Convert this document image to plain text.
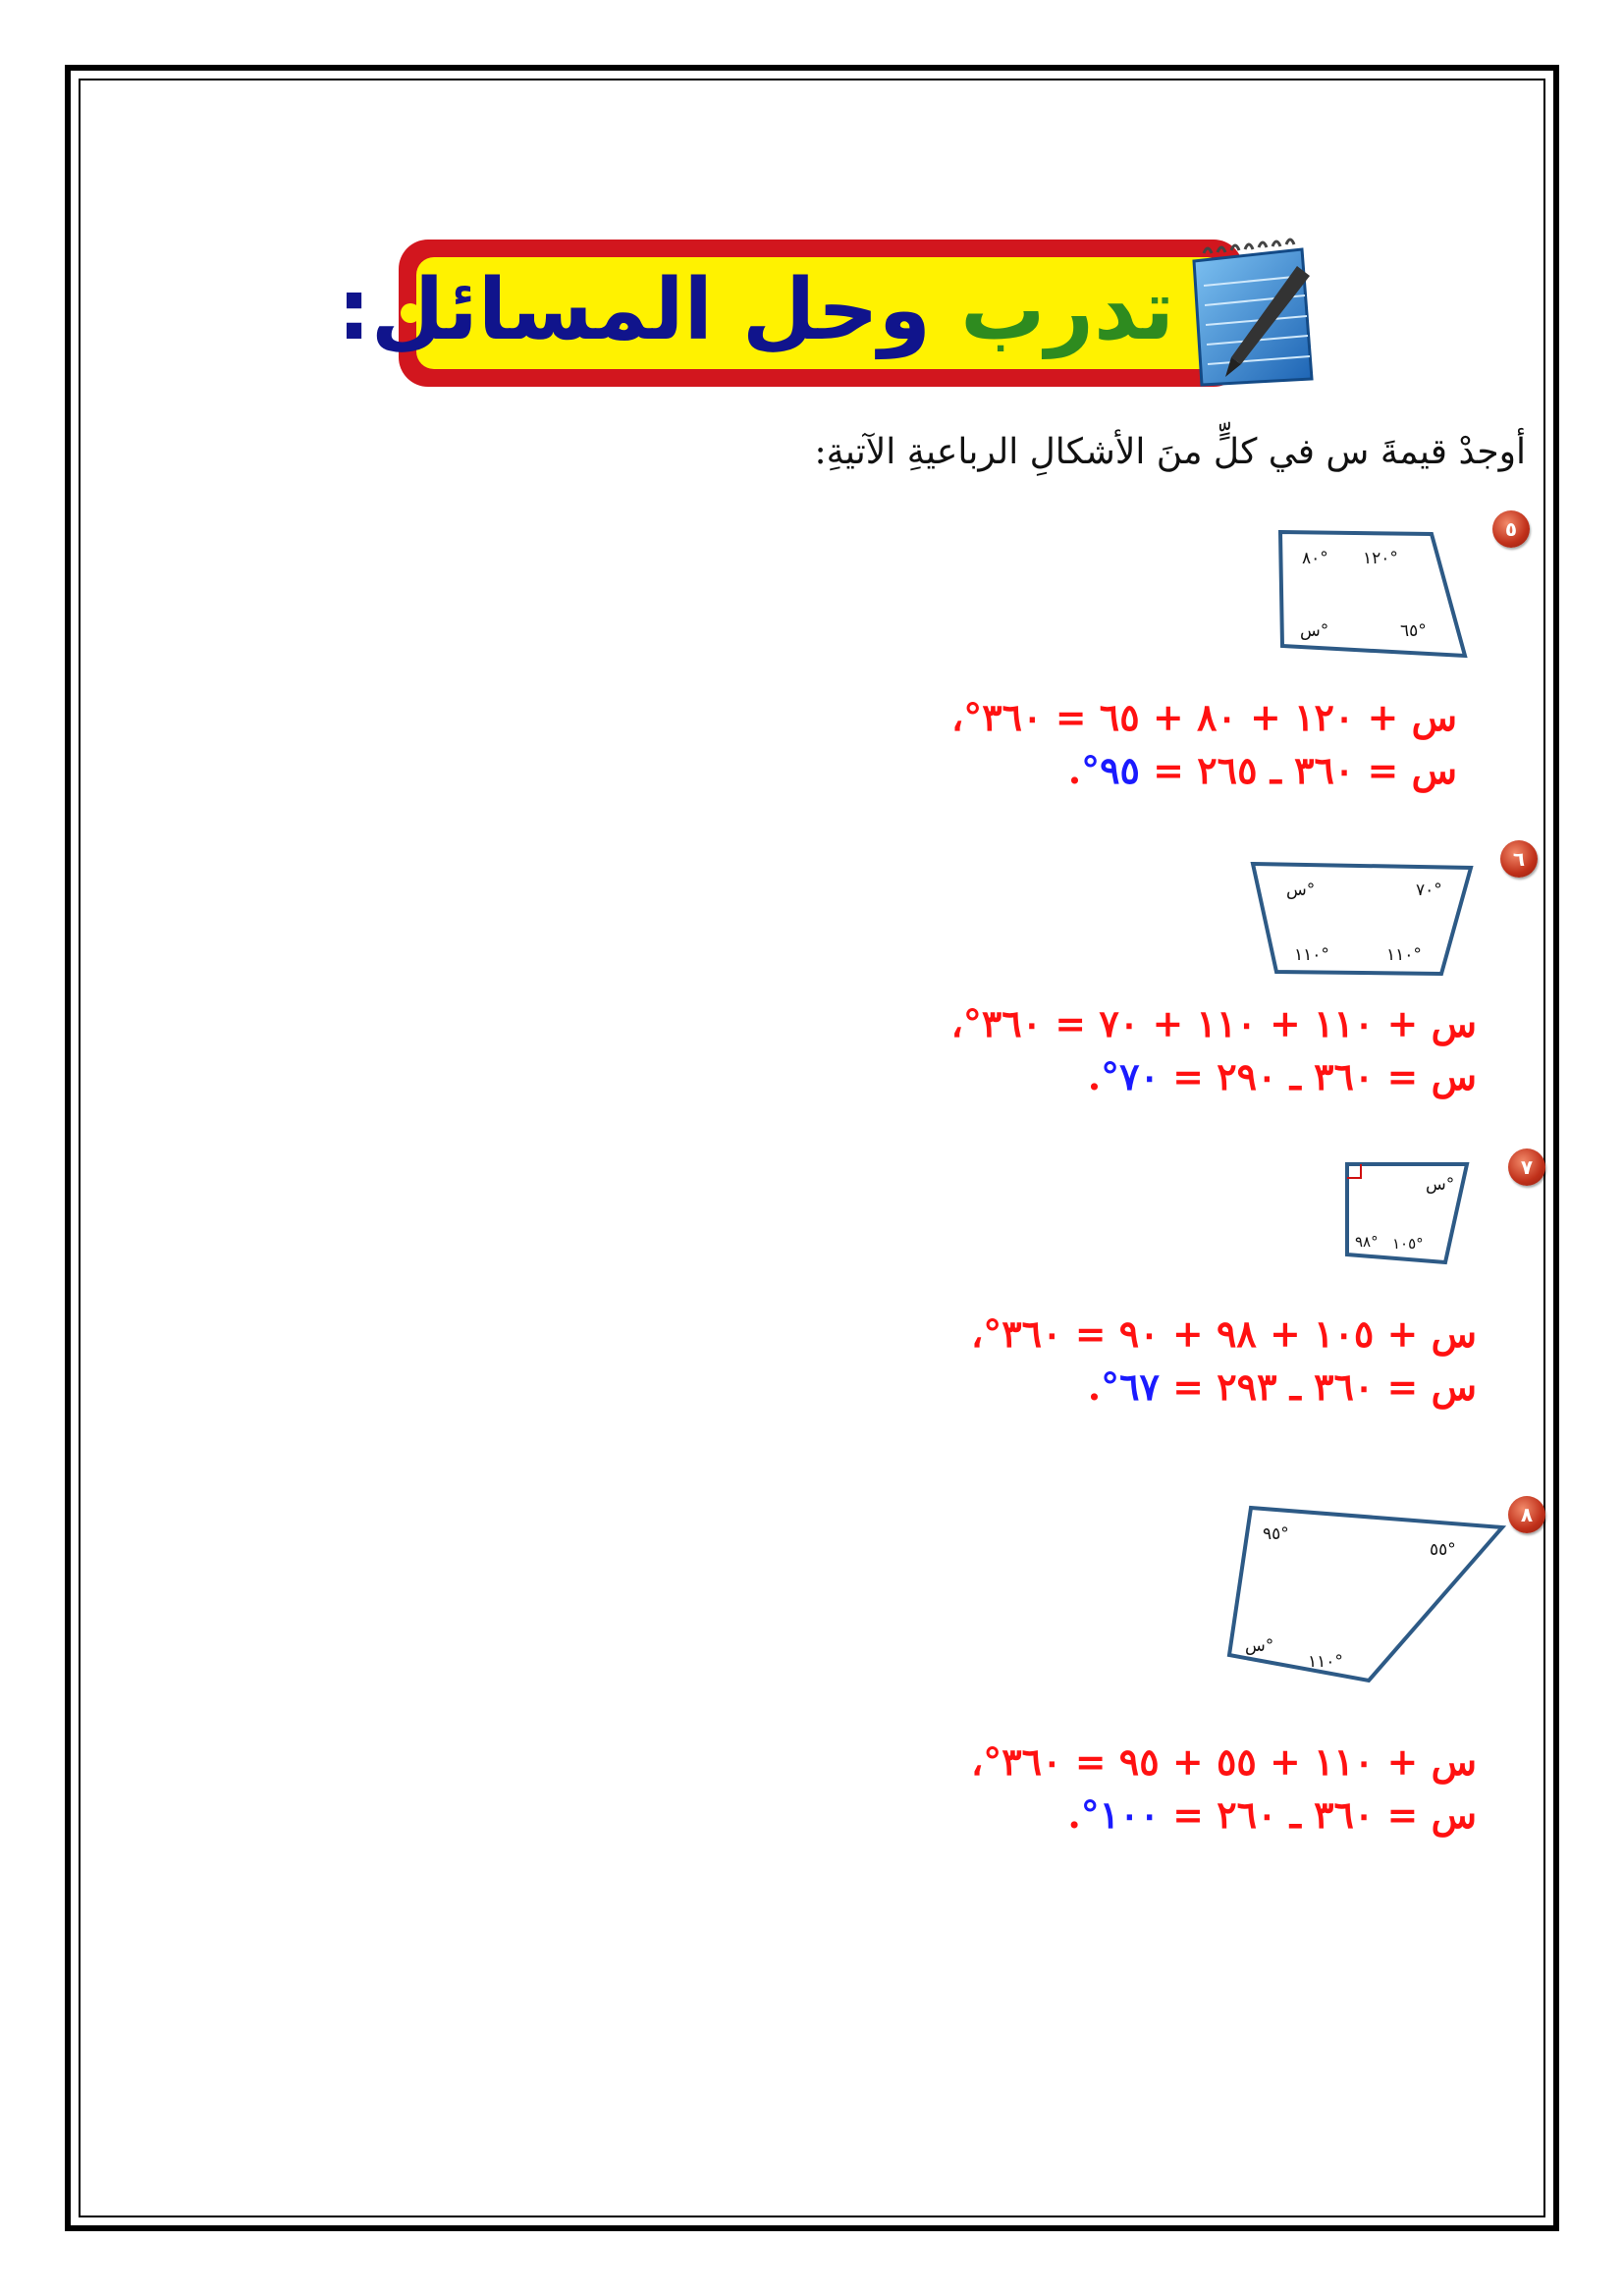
تدرب وحل المسائل:
أوجدْ قيمةَ س في كلٍّ منَ الأشكالِ الرباعيةِ الآتيةِ:
٥
٨٠° ١٢٠°
٦٥°
س°
س + ١٢٠ + ٨٠ + ٦٥ = ٣٦٠°،
س = ٣٦٠ ـ ٢٦٥ = ٩٥°.
٦
س°	٧٠°
١١٠°	١١٠°
س + ١١٠ + ١١٠ + ٧٠ = ٣٦٠°،
س = ٣٦٠ ـ ٢٩٠ = ٧٠°.
٧
س°
٩٨° ١٠٥°
س + ١٠٥ + ٩٨ + ٩٠ = ٣٦٠°،
س = ٣٦٠ ـ ٢٩٣ = ٦٧°.
٨
٩٥°
٥٥°
س°
١١٠°
س + ١١٠ + ٥٥ + ٩٥ = ٣٦٠°،
س = ٣٦٠ ـ ٢٦٠ = ١٠٠°.
